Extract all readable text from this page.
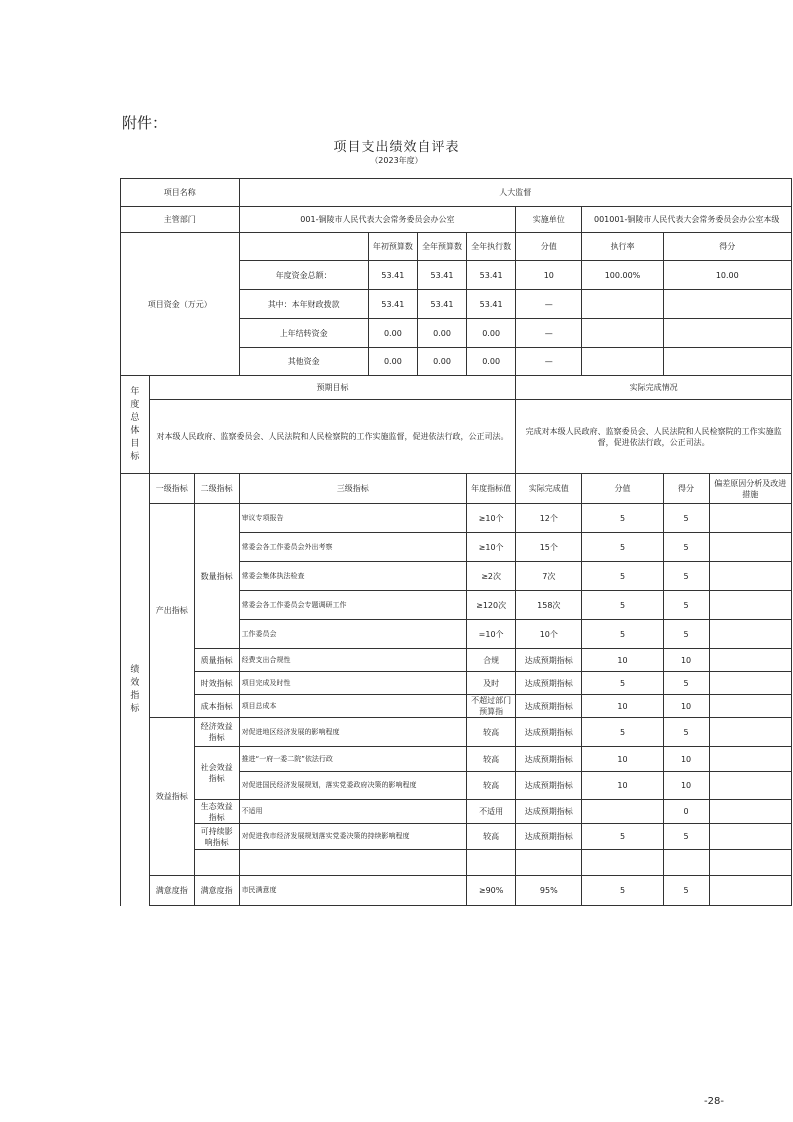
附件：
项目支出绩效自评表
（2023年度）
项目名称			人大监督							
主管部门			001-铜陵市人民代表大会常务委员会办公室				实施单位	001001-铜陵市人民代表大会常务委员会办公室本级		
项目资金（万元）				年初预算数	全年预算数	全年执行数	分值	执行率	得分	
			年度资金总额：	53.41	53.41	53.41	10	100.00%	10.00	
			其中：本年财政拨款	53.41	53.41	53.41	—			
			上年结转资金	0.00	0.00	0.00	—			
			其他资金	0.00	0.00	0.00	—			

年度总体目标	预期目标						实际完成情况			
	对本级人民政府、监察委员会、人民法院和人民检察院的工作实施监督，促进依法行政，公正司法。						完成对本级人民政府、监察委员会、人民法院和人民检察院的工作实施监督，促进依法行政，公正司法。			

绩效指标	一级指标	二级指标	三级指标			年度指标值	实际完成值	分值	得分	偏差原因分析及改进措施
	产出指标	数量指标	审议专项报告			≥10个	12个	5	5	
			常委会各工作委员会外出考察			≥10个	15个	5	5	
			常委会集体执法检查			≥2次	7次	5	5	
			常委会各工作委员会专题调研工作			≥120次	158次	5	5	
			工作委员会			=10个	10个	5	5	
		质量指标	经费支出合规性			合规	达成预期指标	10	10	
		时效指标	项目完成及时性			及时	达成预期指标	5	5	
		成本指标	项目总成本			不超过部门预算指	达成预期指标	10	10	
	效益指标	经济效益指标	对促进地区经济发展的影响程度			较高	达成预期指标	5	5	
		社会效益指标	推进“一府一委二院”依法行政			较高	达成预期指标	10	10	
			对促进国民经济发展规划，落实党委政府决策的影响程度			较高	达成预期指标	10	10	
		生态效益指标	不适用			不适用	达成预期指标		0	
		可持续影响指标	对促进我市经济发展规划落实党委决策的持续影响程度			较高	达成预期指标	5	5	

	满意度指	满意度指	市民满意度			≥90%	95%	5	5	
-28-
